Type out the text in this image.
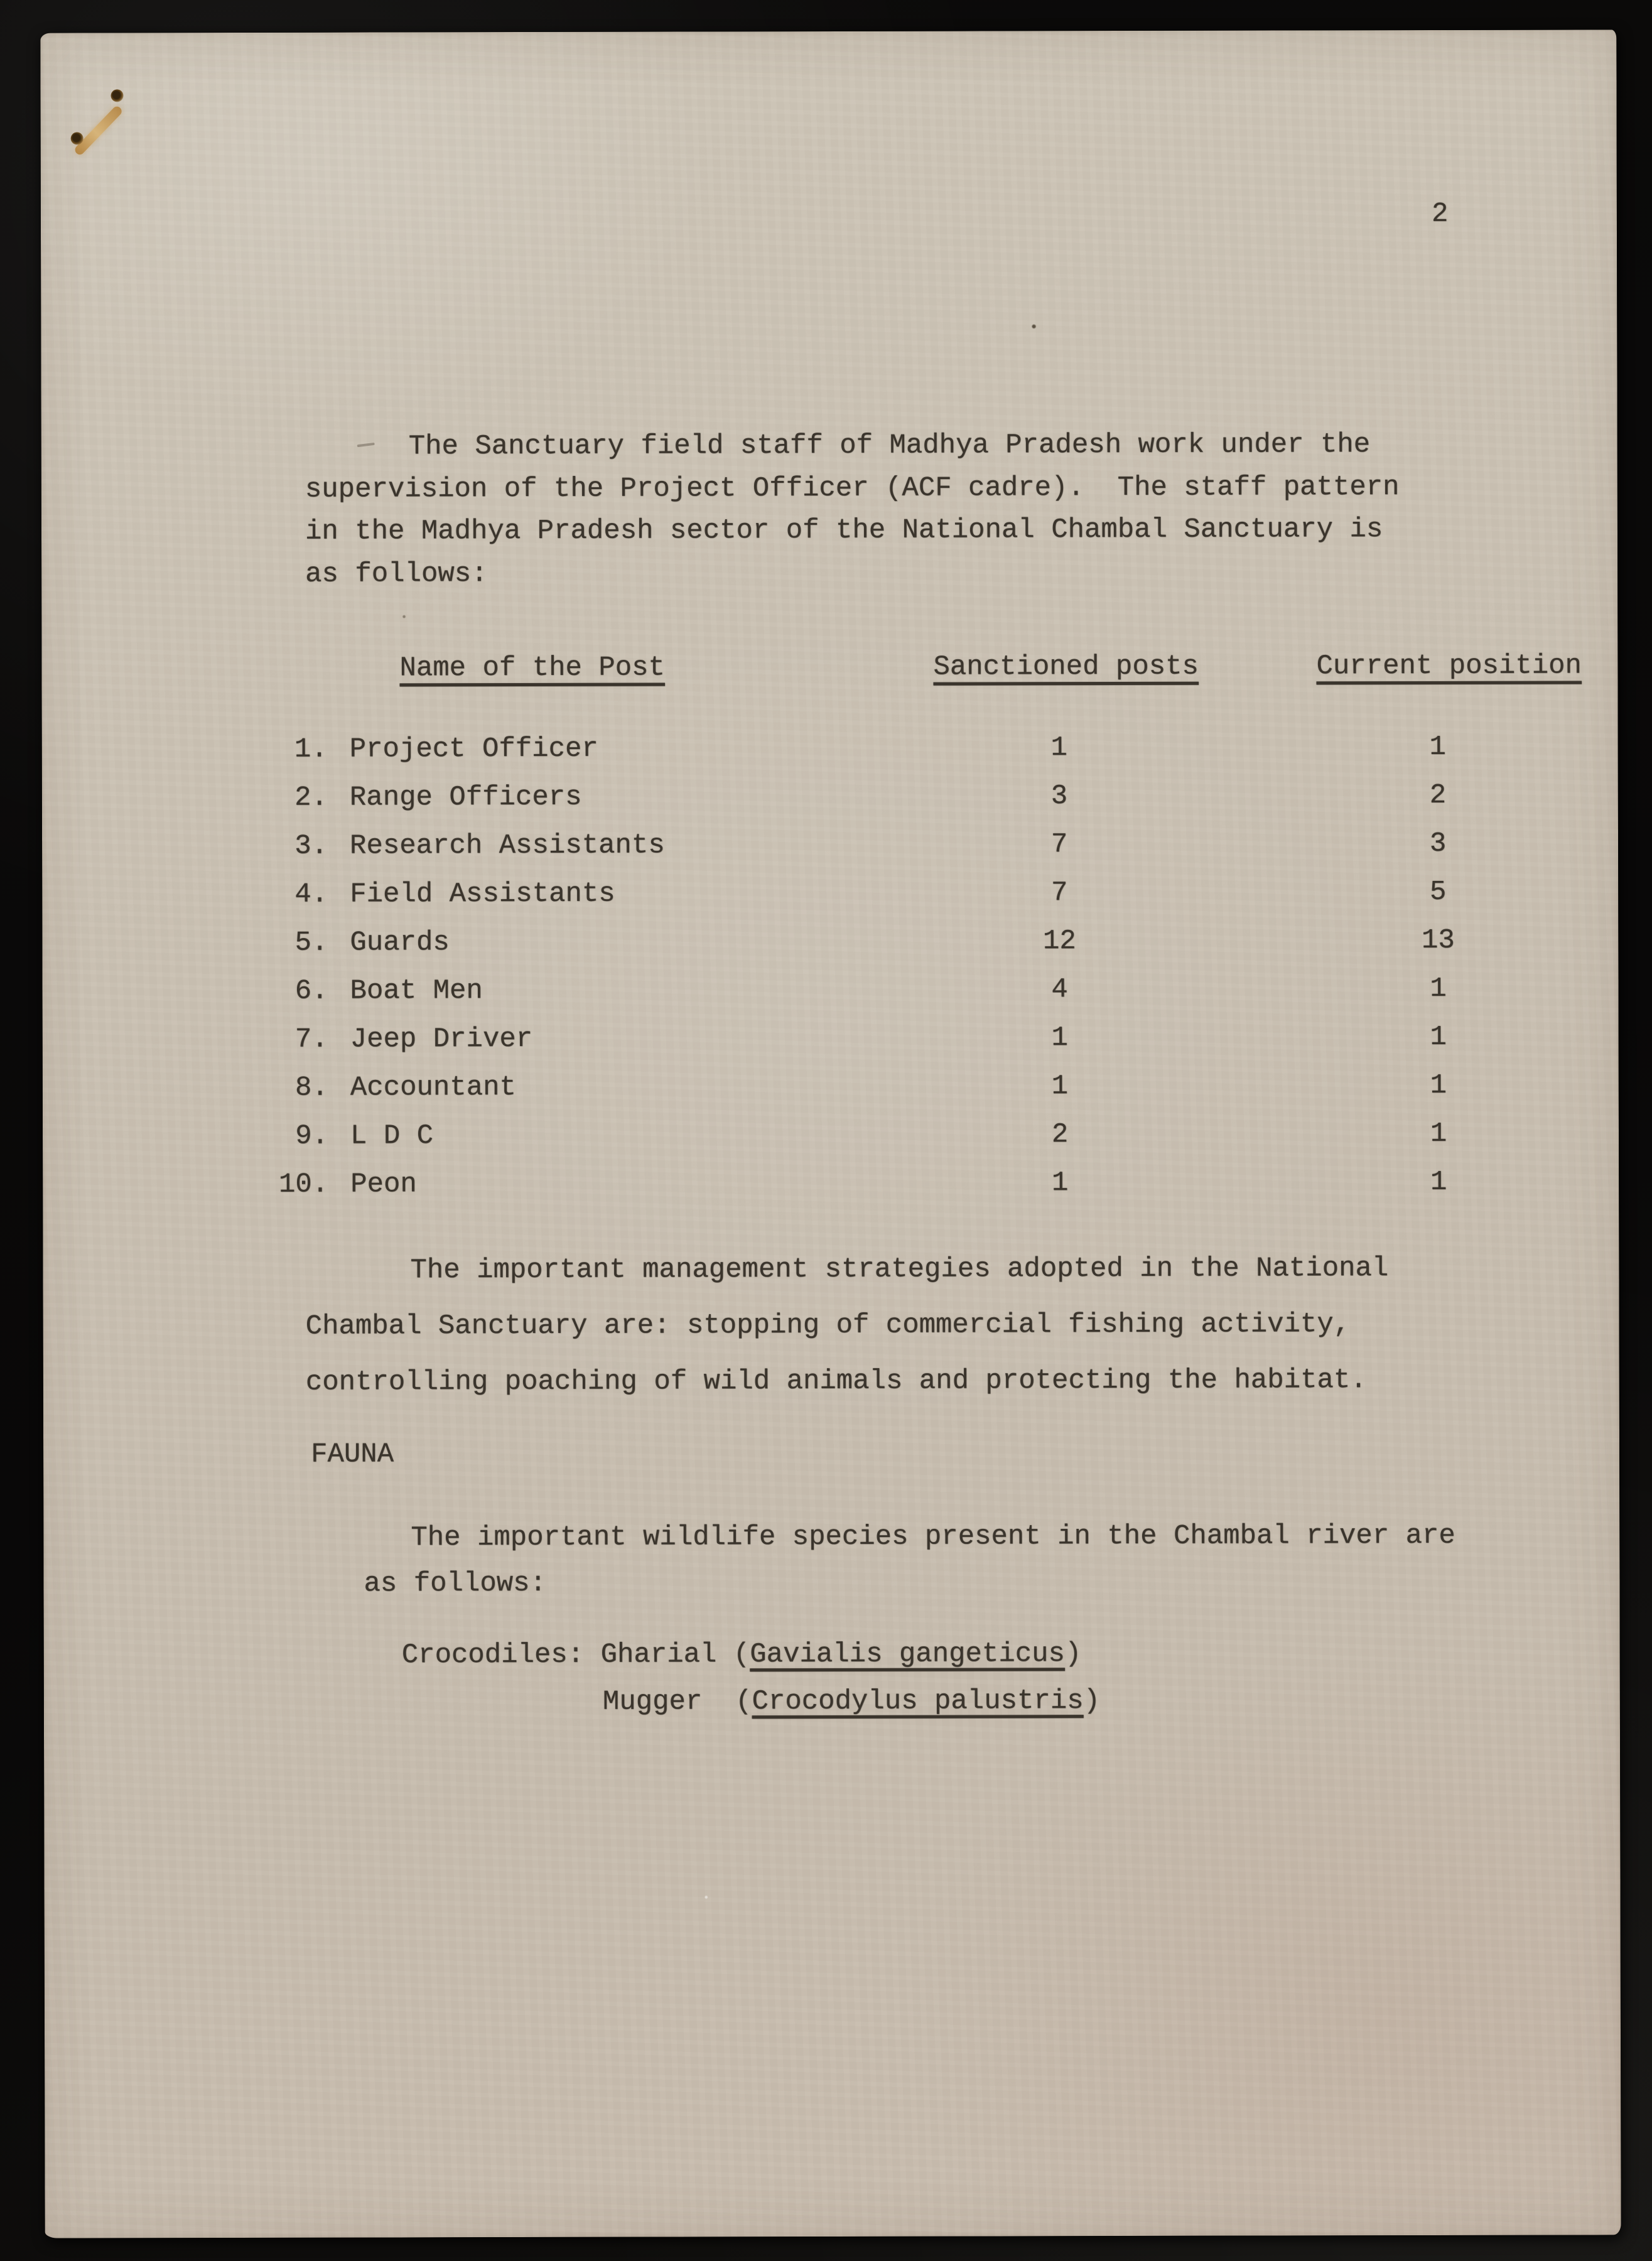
2
The Sanctuary field staff of Madhya Pradesh work under the
supervision of the Project Officer (ACF cadre).  The staff pattern
in the Madhya Pradesh sector of the National Chambal Sanctuary is
as follows:
Name of the Post	Sanctioned posts	Current position
1. Project Officer	1	1
2. Range Officers	3	2
3. Research Assistants	7	3
4. Field Assistants	7	5
5. Guards	12	13
6. Boat Men	4	1
7. Jeep Driver	1	1
8. Accountant	1	1
9. L D C	2	1
10. Peon	1	1
The important management strategies adopted in the National
Chambal Sanctuary are: stopping of commercial fishing activity,
controlling poaching of wild animals and protecting the habitat.
FAUNA
The important wildlife species present in the Chambal river are
as follows:
Crocodiles: Gharial (Gavialis gangeticus)
Mugger  (Crocodylus palustris)
